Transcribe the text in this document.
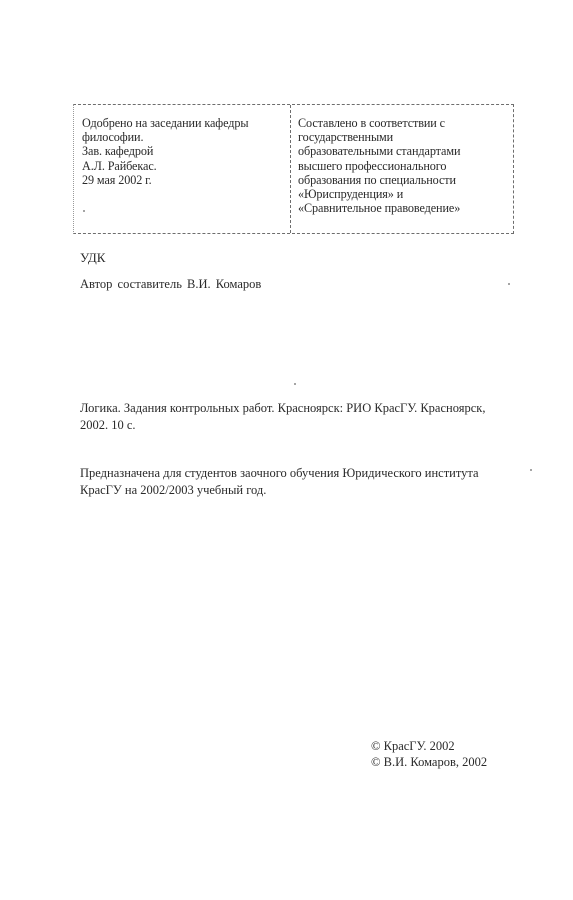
Одобрено на заседании кафедры
философии.
Зав. кафедрой
А.Л. Райбекас.
29 мая 2002 г.
Составлено в соответствии с
государственными
образовательными стандартами
высшего профессионального
образования по специальности
«Юриспруденция» и
«Сравнительное правоведение»
УДК
Автор составитель В.И. Комаров
Логика. Задания контрольных работ. Красноярск: РИО КрасГУ. Красноярск,
2002. 10 с.
Предназначена для студентов заочного обучения Юридического института
КрасГУ на 2002/2003 учебный год.
© КрасГУ. 2002
© В.И. Комаров, 2002
